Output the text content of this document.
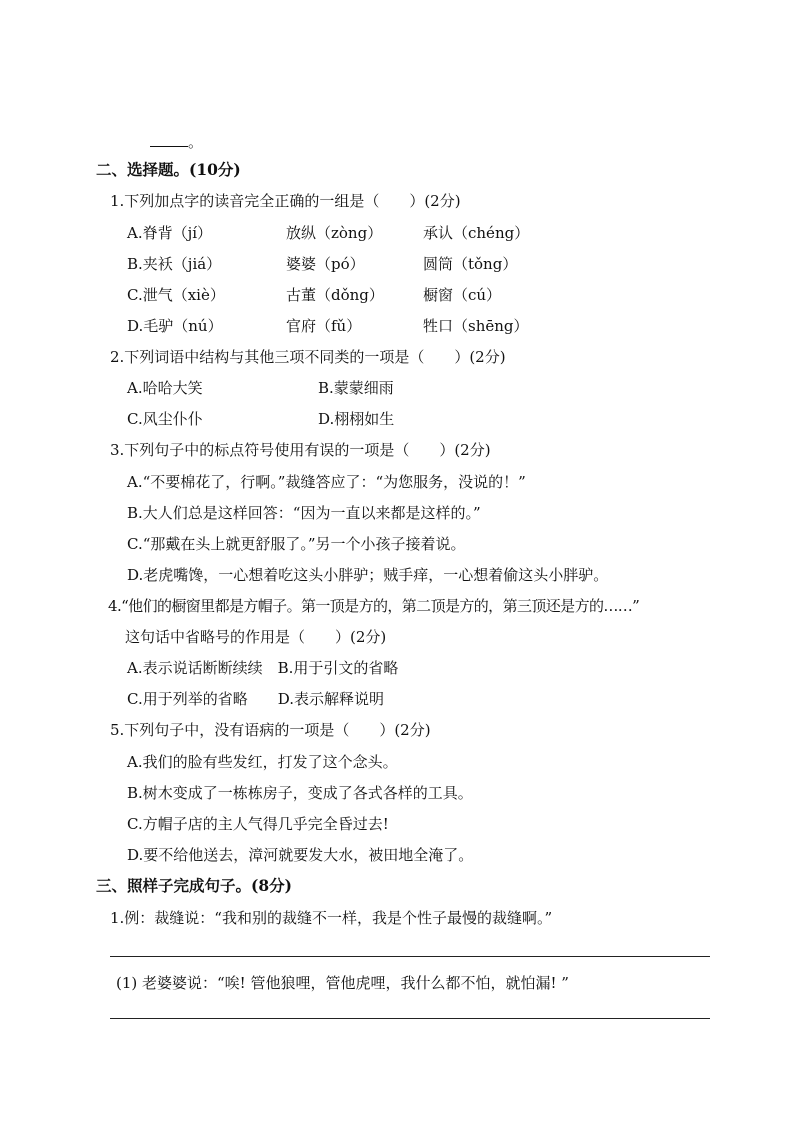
。
二、选择题。(10分)
1.下列加点字的读音完全正确的一组是（　　）(2分)
A.脊背（jí）	放纵（zòng）	承认（chéng）
B.夹袄（jiá）	婆婆（pó）	圆筒（tǒng）
C.泄气（xiè）	古董（dǒng）	橱窗（cú）
D.毛驴（nú）	官府（fǔ）	牲口（shēng）
2.下列词语中结构与其他三项不同类的一项是（　　）(2分)
A.哈哈大笑	B.蒙蒙细雨
C.风尘仆仆	D.栩栩如生
3.下列句子中的标点符号使用有误的一项是（　　）(2分)
A.“不要棉花了，行啊。”裁缝答应了：“为您服务，没说的！”
B.大人们总是这样回答：“因为一直以来都是这样的。”
C.“那戴在头上就更舒服了。”另一个小孩子接着说。
D.老虎嘴馋，一心想着吃这头小胖驴；贼手痒，一心想着偷这头小胖驴。
4.“他们的橱窗里都是方帽子。第一顶是方的，第二顶是方的，第三顶还是方的……”
这句话中省略号的作用是（　　）(2分)
A.表示说话断断续续　B.用于引文的省略
C.用于列举的省略　　D.表示解释说明
5.下列句子中，没有语病的一项是（　　）(2分)
A.我们的脸有些发红，打发了这个念头。
B.树木变成了一栋栋房子，变成了各式各样的工具。
C.方帽子店的主人气得几乎完全昏过去!
D.要不给他送去，漳河就要发大水，被田地全淹了。
三、照样子完成句子。(8分)
1.例：裁缝说：“我和别的裁缝不一样，我是个性子最慢的裁缝啊。”
(1) 老婆婆说：“唉! 管他狼哩，管他虎哩，我什么都不怕，就怕漏! ”
